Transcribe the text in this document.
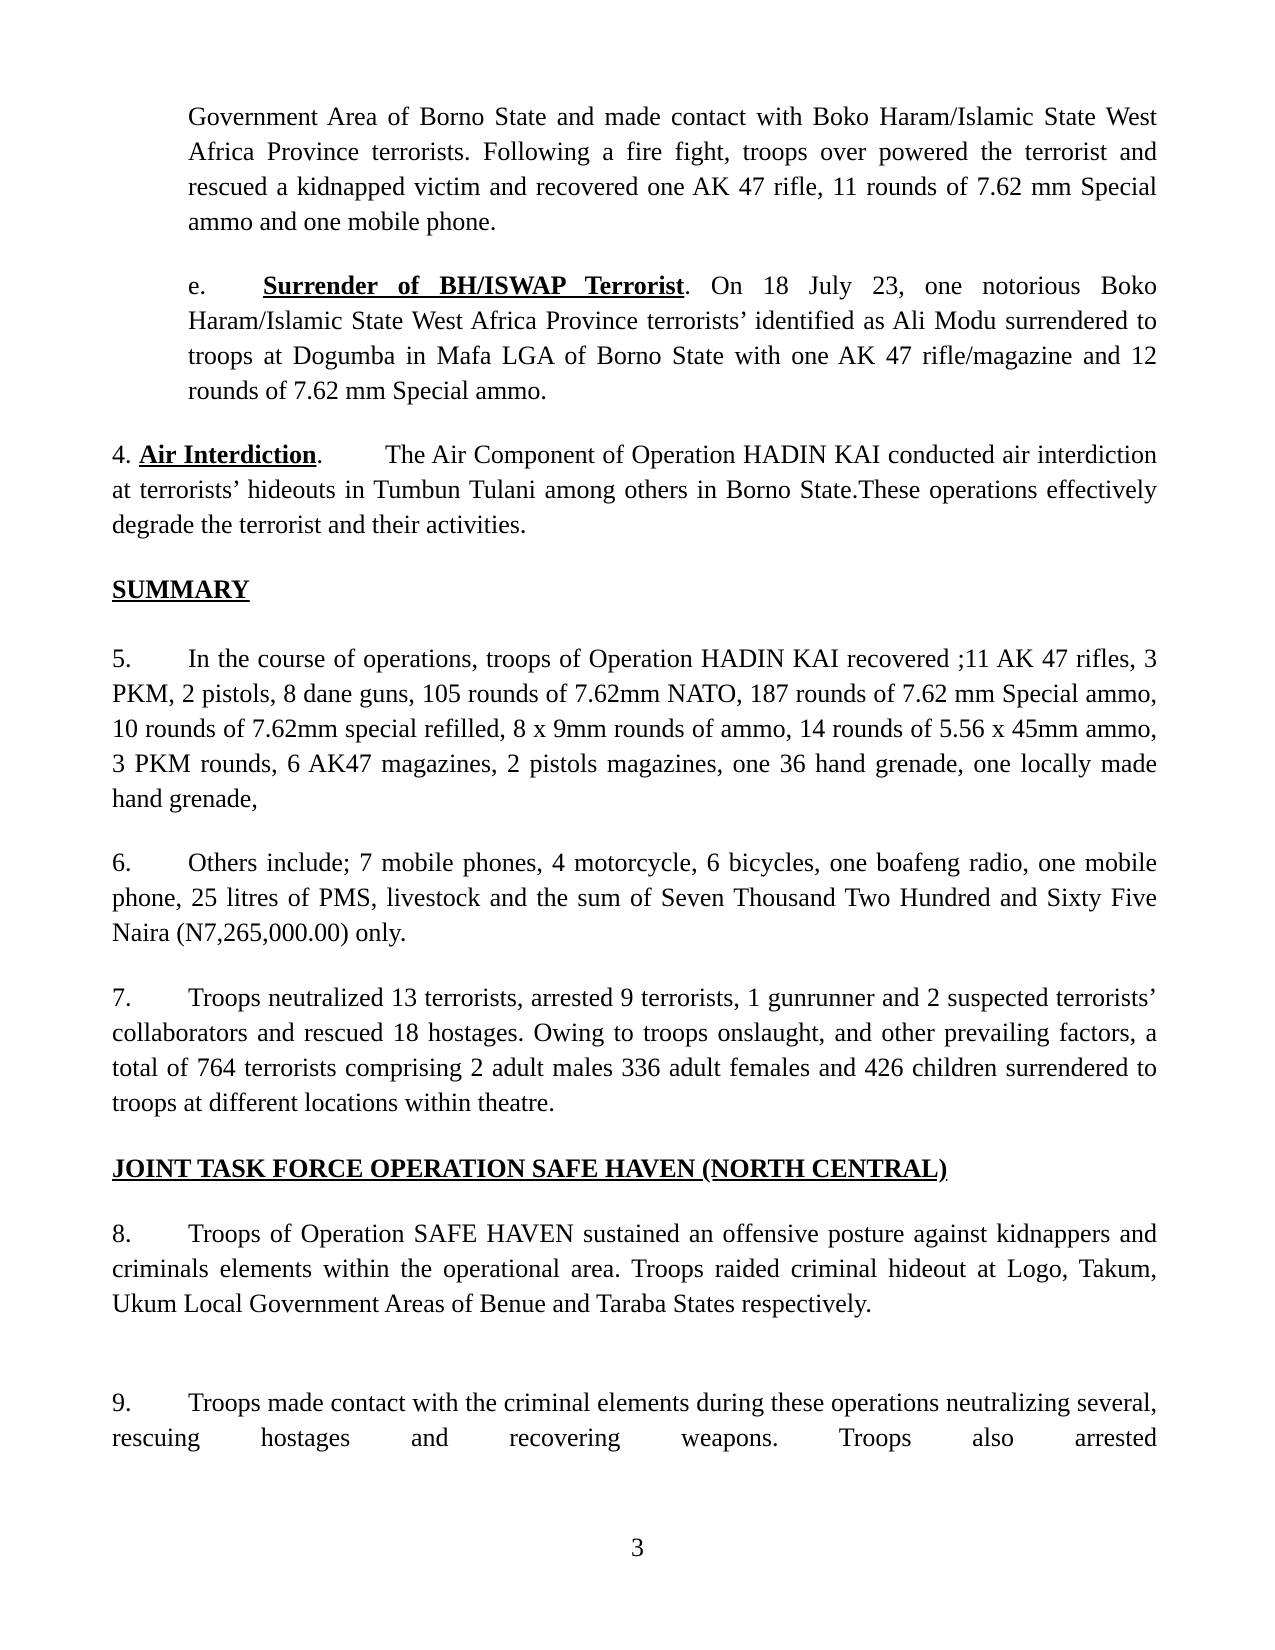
Government Area of Borno State and made contact with Boko Haram/Islamic State West Africa Province terrorists. Following a fire fight, troops over powered the terrorist and rescued a kidnapped victim and recovered one AK 47 rifle, 11 rounds of 7.62 mm Special ammo and one mobile phone.

e. Surrender of BH/ISWAP Terrorist. On 18 July 23, one notorious Boko Haram/Islamic State West Africa Province terrorists’ identified as Ali Modu surrendered to troops at Dogumba in Mafa LGA of Borno State with one AK 47 rifle/magazine and 12 rounds of 7.62 mm Special ammo.

4. Air Interdiction. The Air Component of Operation HADIN KAI conducted air interdiction at terrorists’ hideouts in Tumbun Tulani among others in Borno State.These operations effectively degrade the terrorist and their activities.

SUMMARY

5. In the course of operations, troops of Operation HADIN KAI recovered ;11 AK 47 rifles, 3 PKM, 2 pistols, 8 dane guns, 105 rounds of 7.62mm NATO, 187 rounds of 7.62 mm Special ammo, 10 rounds of 7.62mm special refilled, 8 x 9mm rounds of ammo, 14 rounds of 5.56 x 45mm ammo, 3 PKM rounds, 6 AK47 magazines, 2 pistols magazines, one 36 hand grenade, one locally made hand grenade,

6. Others include; 7 mobile phones, 4 motorcycle, 6 bicycles, one boafeng radio, one mobile phone, 25 litres of PMS, livestock and the sum of Seven Thousand Two Hundred and Sixty Five Naira (N7,265,000.00) only.

7. Troops neutralized 13 terrorists, arrested 9 terrorists, 1 gunrunner and 2 suspected terrorists’ collaborators and rescued 18 hostages. Owing to troops onslaught, and other prevailing factors, a total of 764 terrorists comprising 2 adult males 336 adult females and 426 children surrendered to troops at different locations within theatre.

JOINT TASK FORCE OPERATION SAFE HAVEN (NORTH CENTRAL)

8. Troops of Operation SAFE HAVEN sustained an offensive posture against kidnappers and criminals elements within the operational area. Troops raided criminal hideout at Logo, Takum, Ukum Local Government Areas of Benue and Taraba States respectively.

9. Troops made contact with the criminal elements during these operations neutralizing several, rescuing hostages and recovering weapons. Troops also arrested

3
